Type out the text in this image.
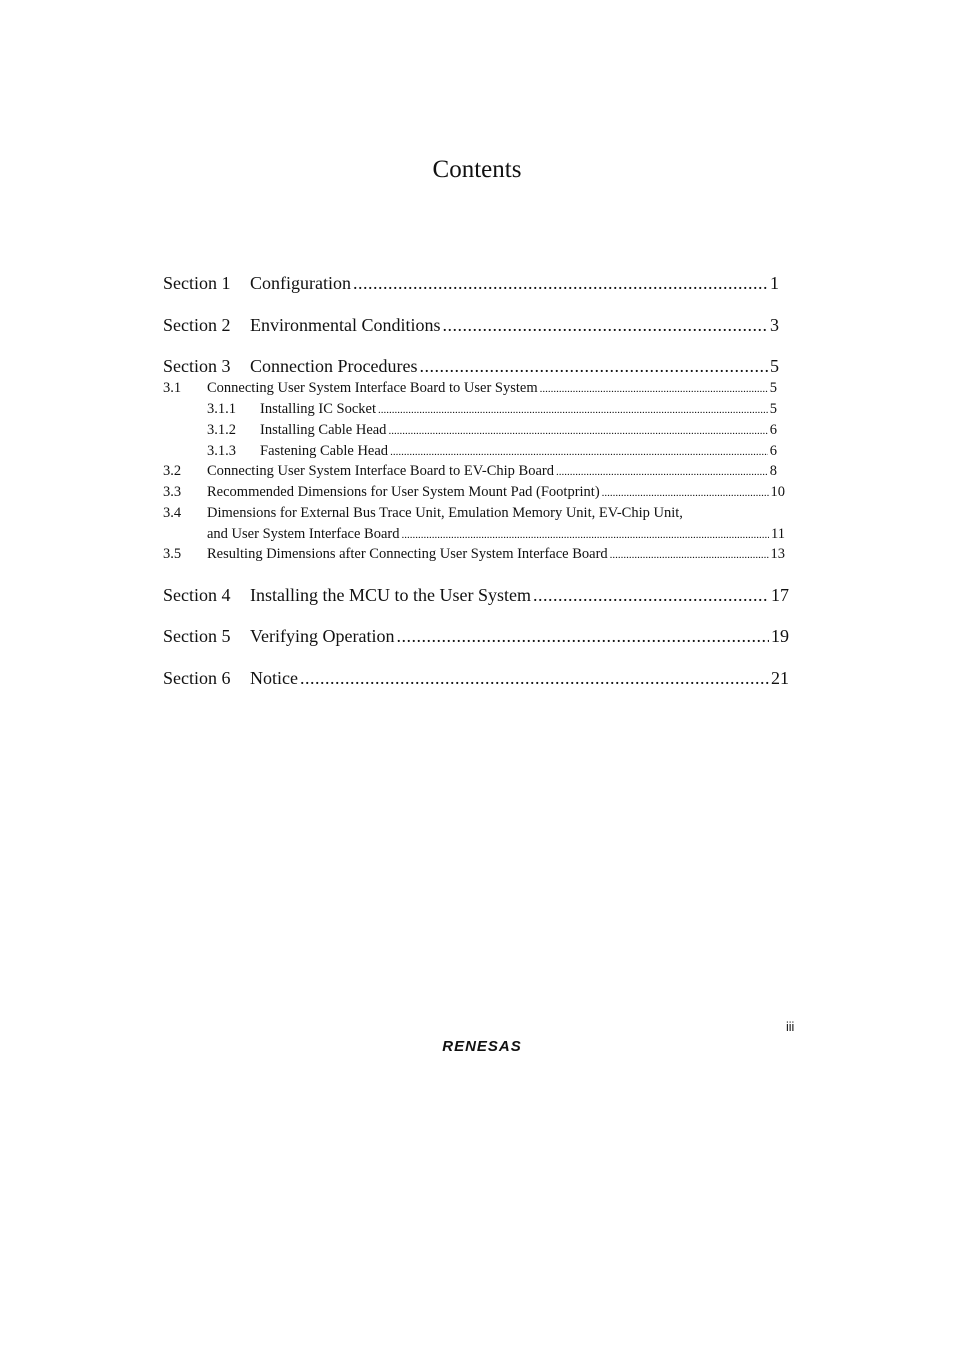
Contents
Section 1	Configuration .....	1
Section 2	Environmental Conditions .....	3
Section 3	Connection Procedures .....	5
3.1	Connecting User System Interface Board to User System .....	5
3.1.1	Installing IC Socket .....	5
3.1.2	Installing Cable Head .....	6
3.1.3	Fastening Cable Head .....	6
3.2	Connecting User System Interface Board to EV-Chip Board .....	8
3.3	Recommended Dimensions for User System Mount Pad (Footprint) .....	10
3.4	Dimensions for External Bus Trace Unit, Emulation Memory Unit, EV-Chip Unit,
and User System Interface Board .....	11
3.5	Resulting Dimensions after Connecting User System Interface Board .....	13
Section 4	Installing the MCU to the User System .....	17
Section 5	Verifying Operation .....	19
Section 6	Notice .....	21
iii
RENESAS
